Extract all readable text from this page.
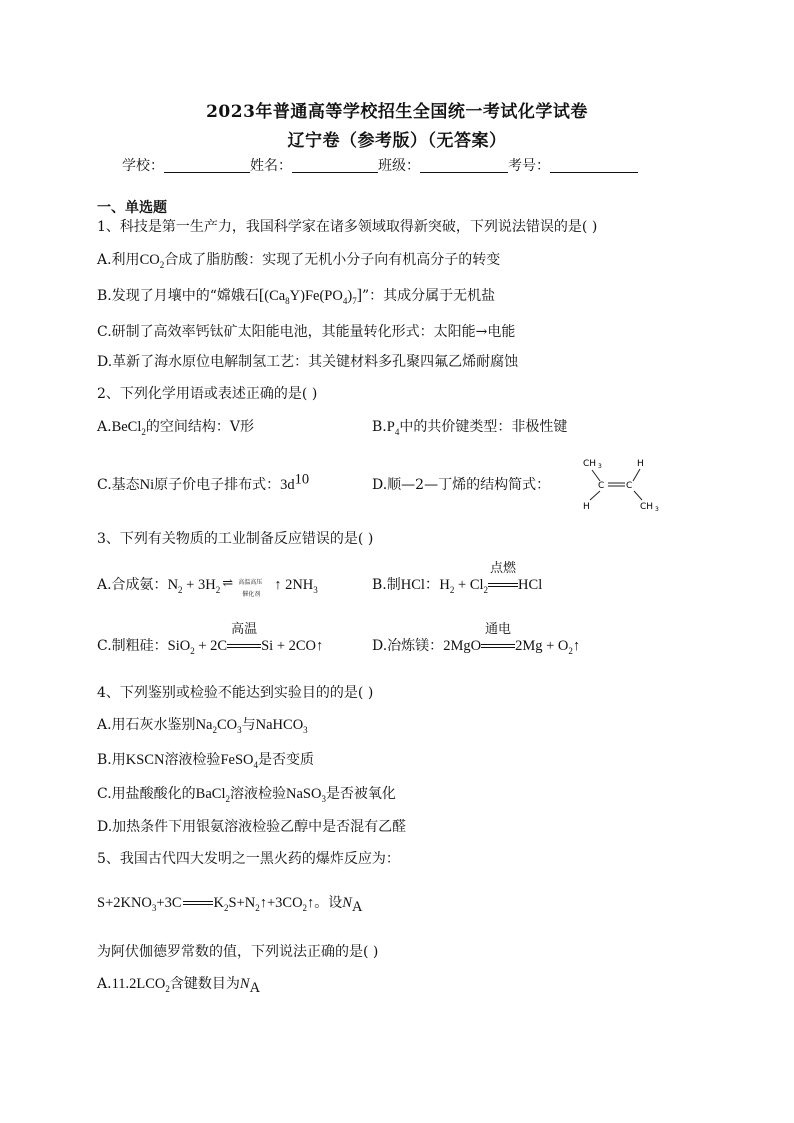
2023年普通高等学校招生全国统一考试化学试卷
辽宁卷（参考版）（无答案）
学校：	姓名：	班级：	考号：
一、单选题
1、科技是第一生产力，我国科学家在诸多领域取得新突破，下列说法错误的是( )
A.利用$CO_2$合成了脂肪酸：实现了无机小分子向有机高分子的转变
B.发现了月壤中的“嫦娥石$[(Ca_8Y)Fe(PO_4)_7]$”：其成分属于无机盐
C.研制了高效率钙钛矿太阳能电池，其能量转化形式：太阳能→电能
D.革新了海水原位电解制氢工艺：其关键材料多孔聚四氟乙烯耐腐蚀
2、下列化学用语或表述正确的是( )
A.BeCl$_2$的空间结构：V形	$B.P_4$中的共价键类型：非极性键
C.基态Ni原子价电子排布式：$3d^{10}$	D.顺—2—丁烯的结构简式：
CH 3	H
C C
H	CH 3
3、下列有关物质的工业制备反应错误的是( )
A.合成氨：$N_2 + 3H_2$ ⇌ 高温高压
催化剂
↑ $2NH_3$	B.制HCl：$H_2 + Cl_2$
点燃
HCl
C.制粗硅：SiO$_2$ + 2C
高温
Si + 2CO↑	D.冶炼镁：2MgO
通电
$2Mg + O_2↑$
4、下列鉴别或检验不能达到实验目的的是( )
A.用石灰水鉴别$Na_2CO_3$与NaHCO$_3$
B.用KSCN溶液检验FeSO$_4$是否变质
C.用盐酸酸化的BaCl$_2$溶液检验NaSO$_3$是否被氧化
D.加热条件下用银氨溶液检验乙醇中是否混有乙醛
5、我国古代四大发明之一黑火药的爆炸反应为：
$S+2KNO_3+3C$ $K_2S+N_2↑+3CO_2↑$。设$N_A$
为阿伏伽德罗常数的值，下列说法正确的是( )
$A.11.2LCO_2$含键数目为$N_A$
